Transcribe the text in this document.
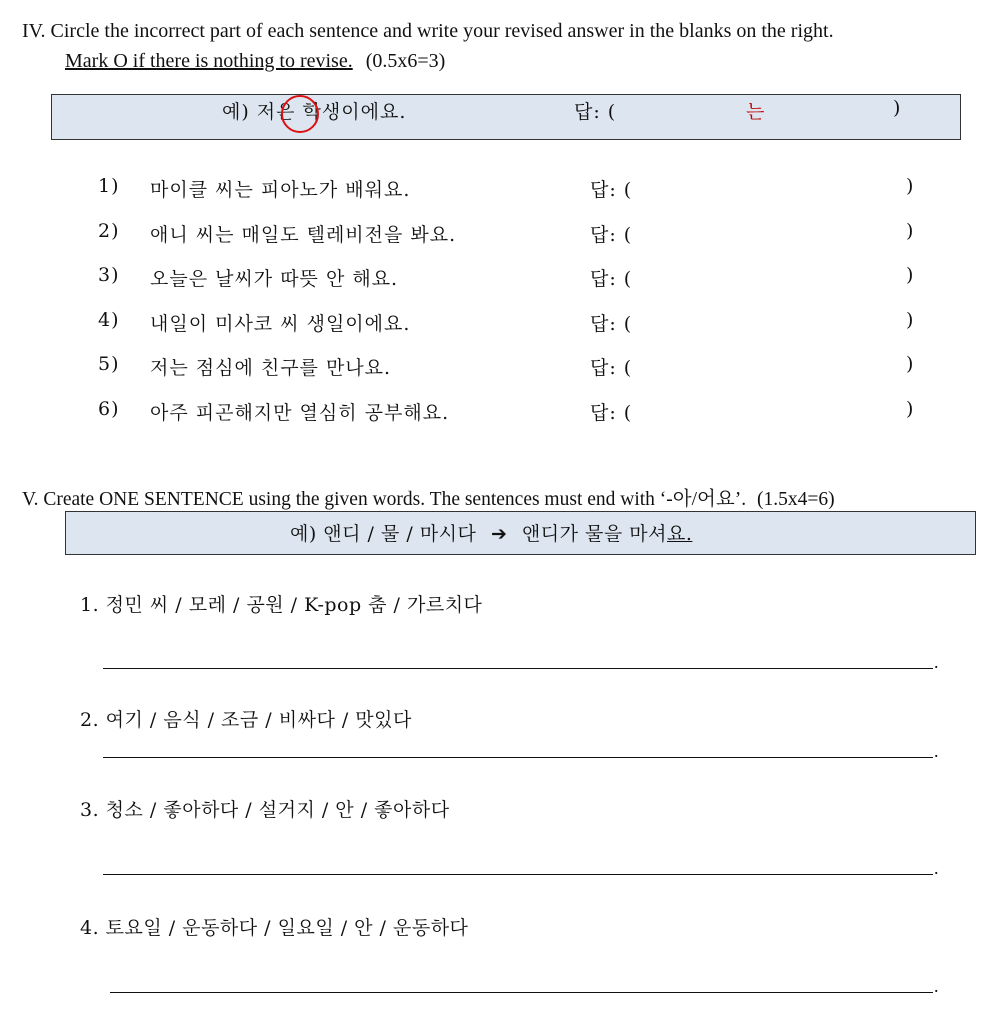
IV. Circle the incorrect part of each sentence and write your revised answer in the blanks on the right.
Mark O if there is nothing to revise. (0.5x6=3)
예) 저은 학생이에요.	답: (	는	)
1) 마이클 씨는 피아노가 배워요.	답: (	)
2) 애니 씨는 매일도 텔레비전을 봐요.	답: (	)
3) 오늘은 날씨가 따뜻 안 해요.	답: (	)
4) 내일이 미사코 씨 생일이에요.	답: (	)
5) 저는 점심에 친구를 만나요.	답: (	)
6) 아주 피곤해지만 열심히 공부해요.	답: (	)
V. Create ONE SENTENCE using the given words. The sentences must end with ‘-아/어요’. (1.5x4=6)
예) 앤디 / 물 / 마시다 ➔ 앤디가 물을 마셔요.
1. 정민 씨 / 모레 / 공원 / K-pop 춤 / 가르치다
.
2. 여기 / 음식 / 조금 / 비싸다 / 맛있다
.
3. 청소 / 좋아하다 / 설거지 / 안 / 좋아하다
.
4. 토요일 / 운동하다 / 일요일 / 안 / 운동하다
.
